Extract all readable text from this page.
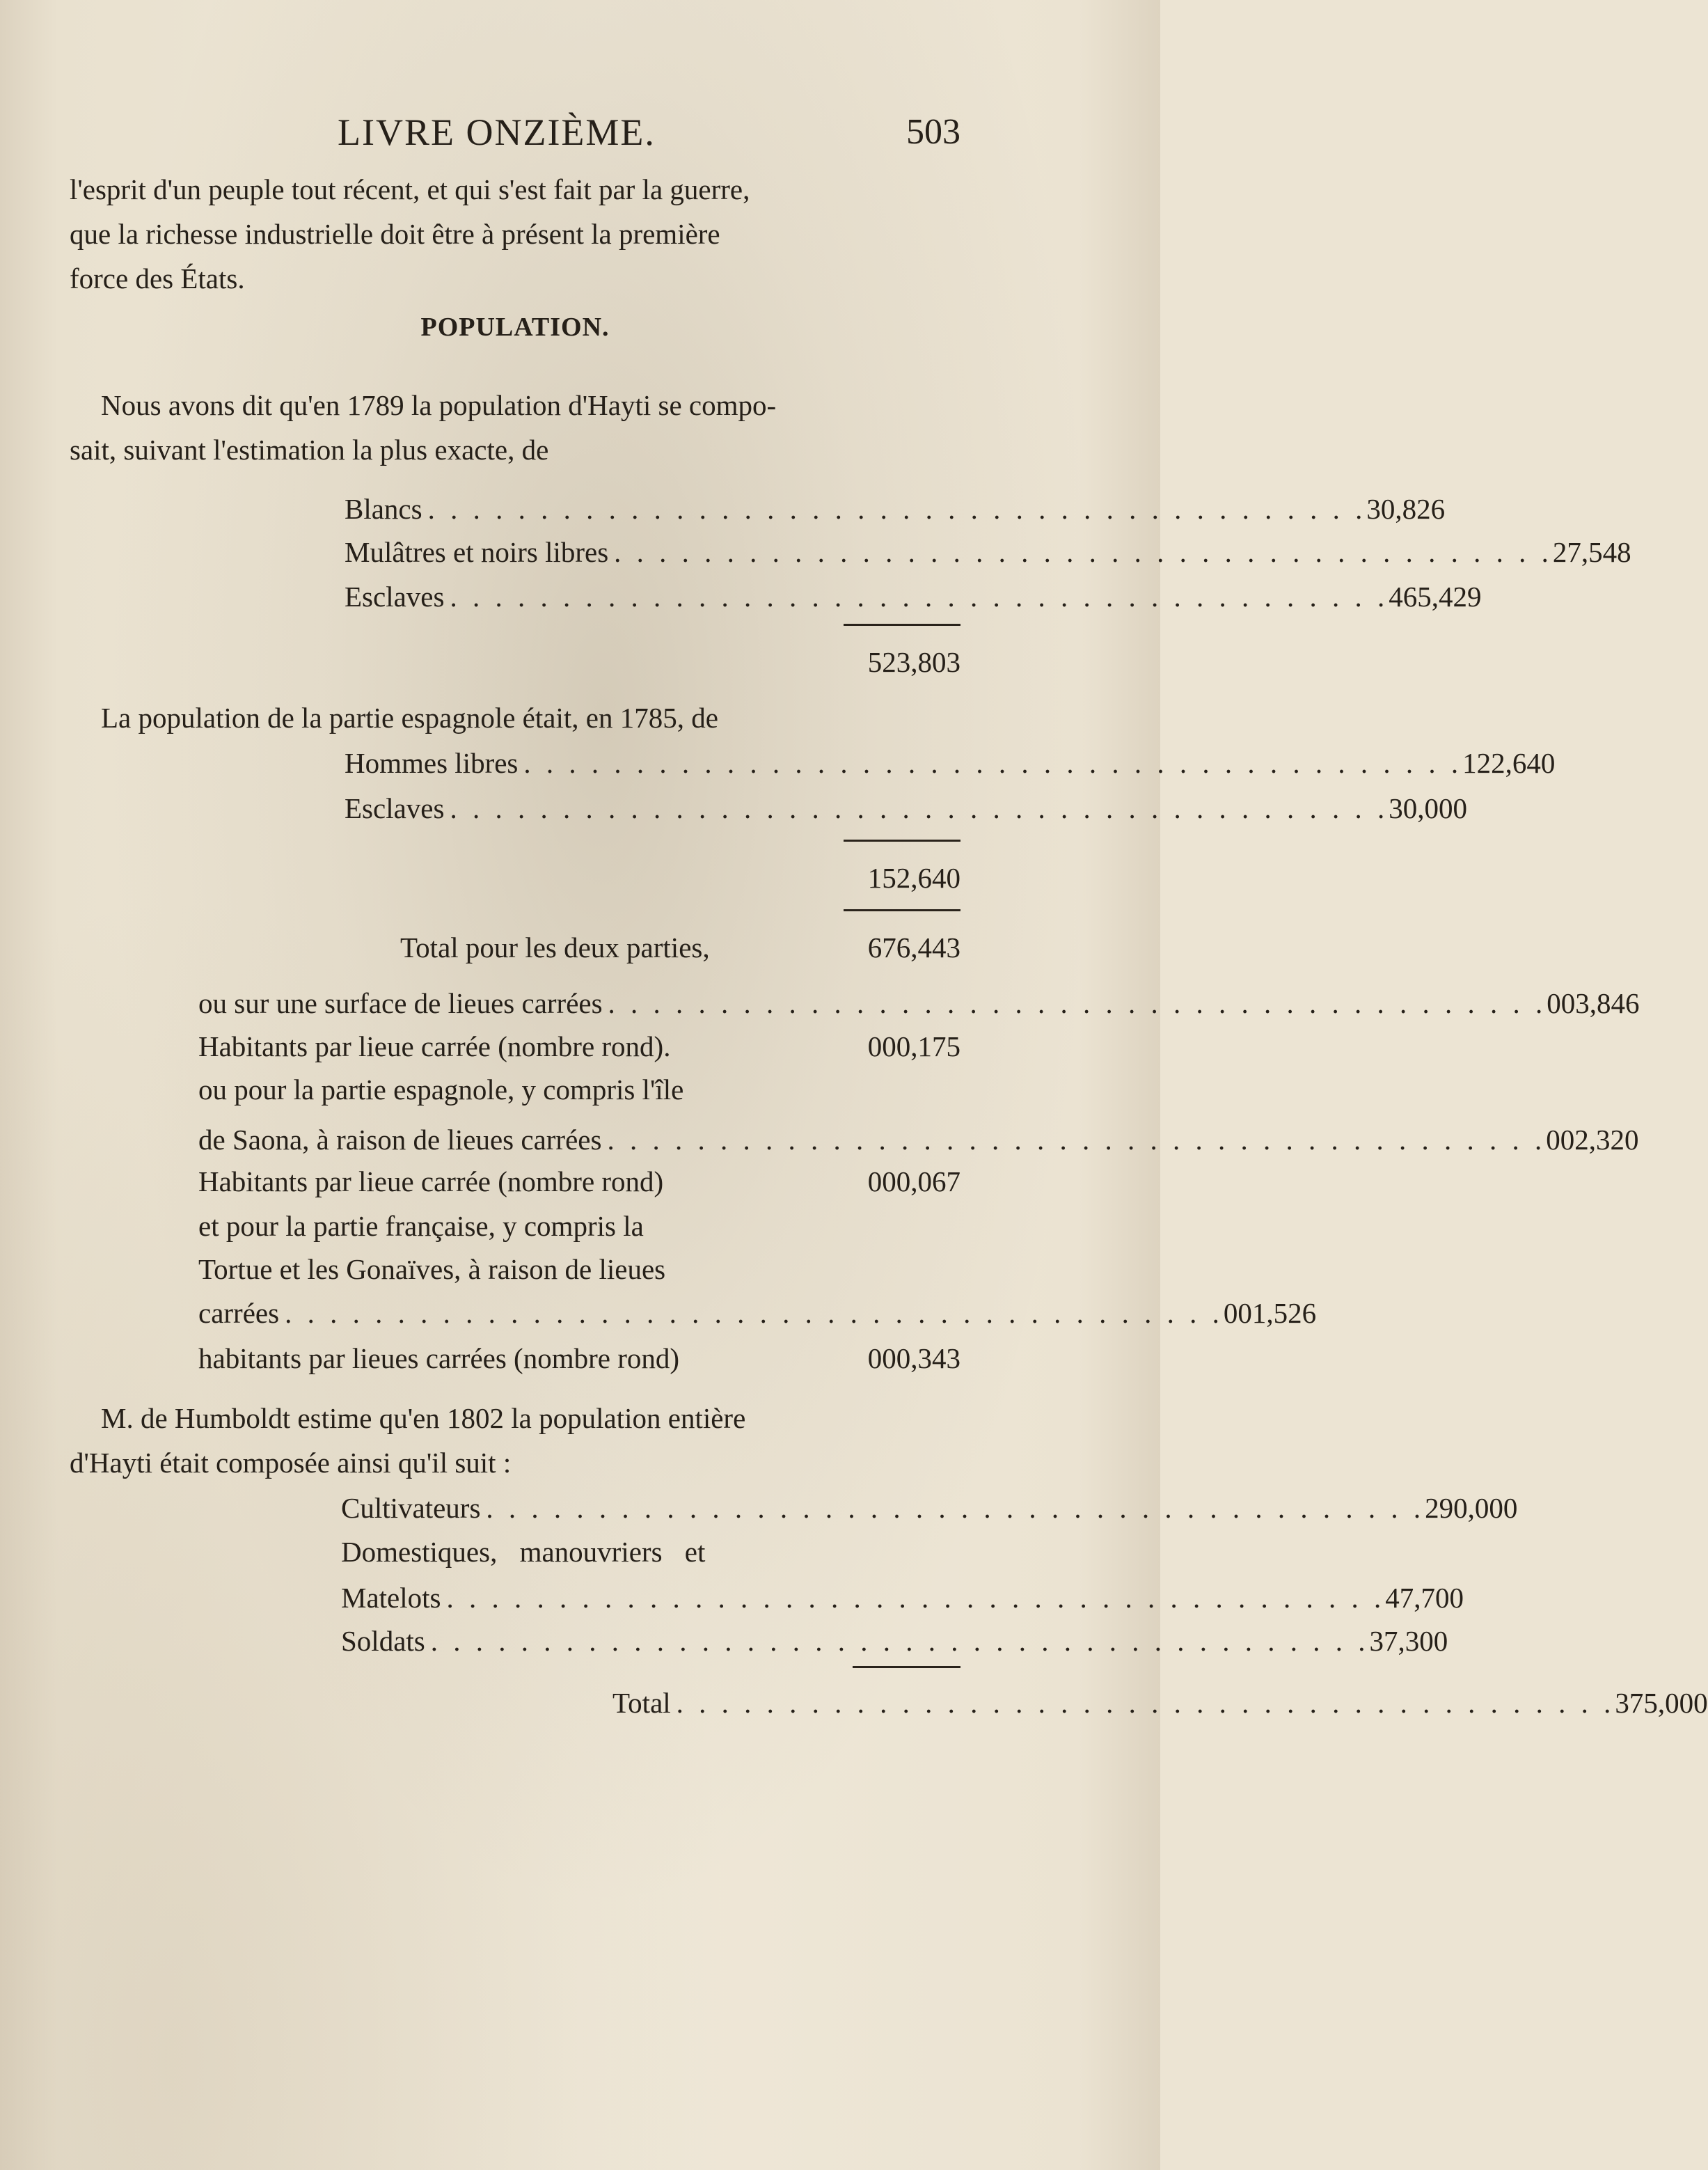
LIVRE ONZIÈME.	503

l'esprit d'un peuple tout récent, et qui s'est fait par la guerre,

que la richesse industrielle doit être à présent la première

force des États.

POPULATION.

Nous avons dit qu'en 1789 la population d'Hayti se compo-

sait, suivant l'estimation la plus exacte, de

Blancs . . . . . . . . . . . . . . . . . . . . . . . . . . . . . . . . . . . . . . . . . . 30,826
Mulâtres et noirs libres . . . . . . . . . . . . . . . . . . . . . . . . . . . . . . . . . . . . . . . . . . 27,548
Esclaves . . . . . . . . . . . . . . . . . . . . . . . . . . . . . . . . . . . . . . . . . . 465,429
523,803
La population de la partie espagnole était, en 1785, de
Hommes libres . . . . . . . . . . . . . . . . . . . . . . . . . . . . . . . . . . . . . . . . . . 122,640
Esclaves . . . . . . . . . . . . . . . . . . . . . . . . . . . . . . . . . . . . . . . . . . 30,000
152,640
Total pour les deux parties,	676,443
ou sur une surface de lieues carrées . . . . . . . . . . . . . . . . . . . . . . . . . . . . . . . . . . . . . . . . . . 003,846
Habitants par lieue carrée (nombre rond).	000,175
ou pour la partie espagnole, y compris l'île
de Saona, à raison de lieues carrées . . . . . . . . . . . . . . . . . . . . . . . . . . . . . . . . . . . . . . . . . . 002,320
Habitants par lieue carrée (nombre rond)	000,067
et pour la partie française, y compris la
Tortue et les Gonaïves, à raison de lieues
carrées . . . . . . . . . . . . . . . . . . . . . . . . . . . . . . . . . . . . . . . . . . 001,526
habitants par lieues carrées (nombre rond)	000,343

M. de Humboldt estime qu'en 1802 la population entière

d'Hayti était composée ainsi qu'il suit :

Cultivateurs . . . . . . . . . . . . . . . . . . . . . . . . . . . . . . . . . . . . . . . . . . 290,000
Domestiques, manouvriers et
Matelots . . . . . . . . . . . . . . . . . . . . . . . . . . . . . . . . . . . . . . . . . . 47,700
Soldats . . . . . . . . . . . . . . . . . . . . . . . . . . . . . . . . . . . . . . . . . . 37,300
Total . . . . . . . . . . . . . . . . . . . . . . . . . . . . . . . . . . . . . . . . . . 375,000
